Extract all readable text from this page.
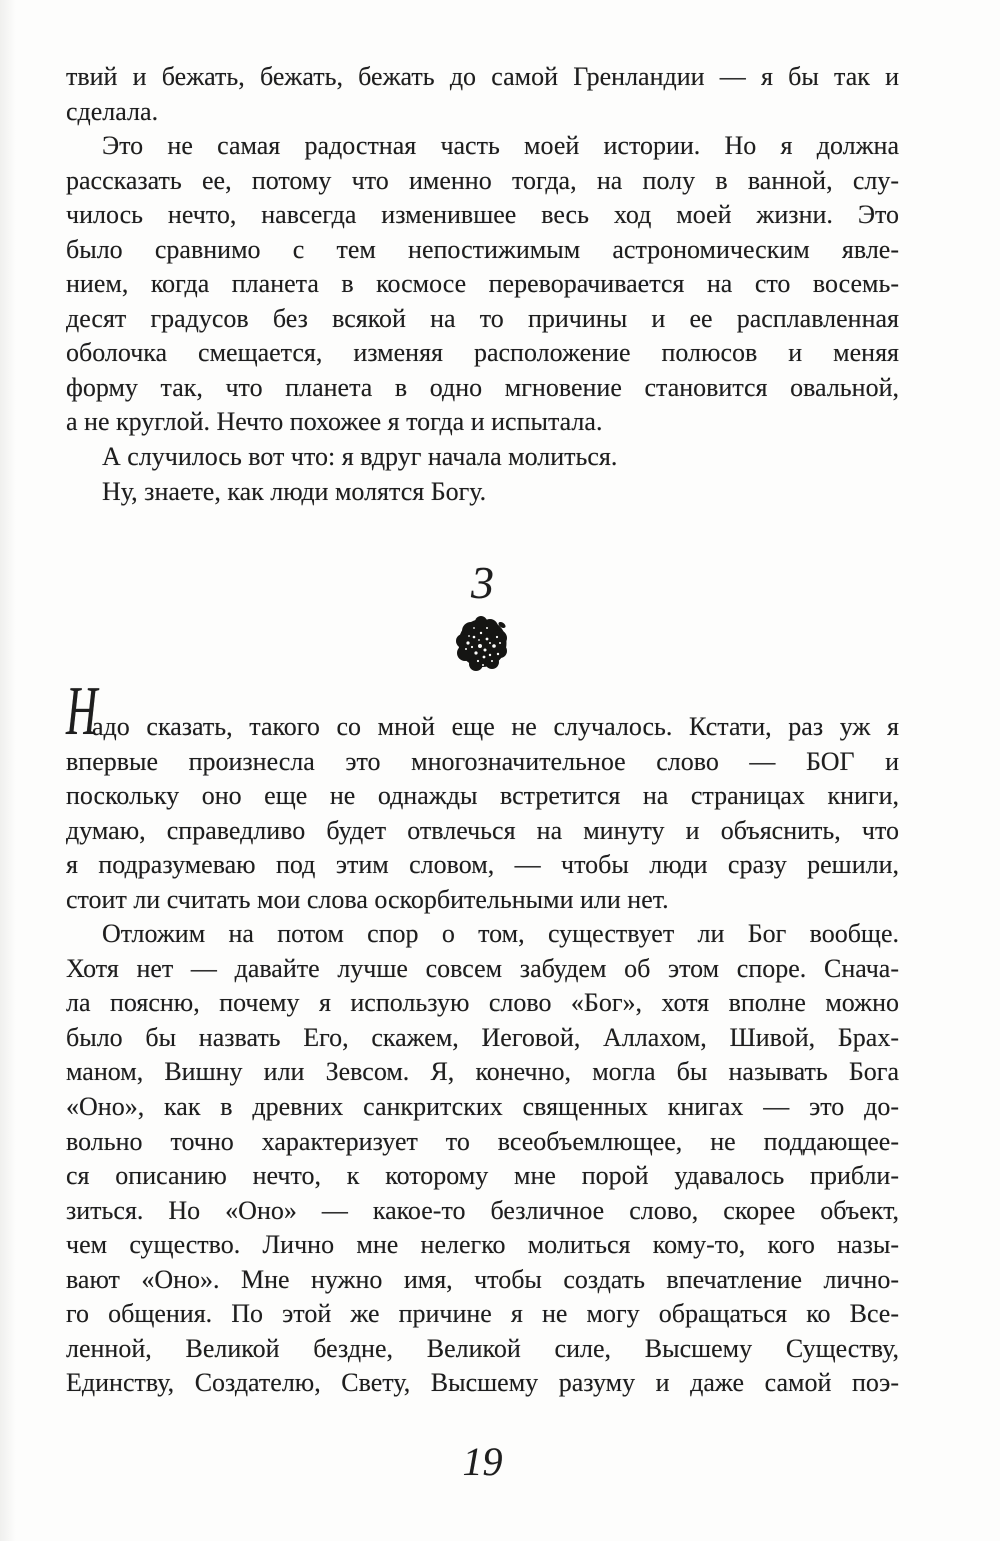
твий и бежать, бежать, бежать до самой Гренландии — я бы так и
сделала.
Это не самая радостная часть моей истории. Но я должна
рассказать ее, потому что именно тогда, на полу в ванной, слу-
чилось нечто, навсегда изменившее весь ход моей жизни. Это
было сравнимо с тем непостижимым астрономическим явле-
нием, когда планета в космосе переворачивается на сто восемь-
десят градусов без всякой на то причины и ее расплавленная
оболочка смещается, изменяя расположение полюсов и меняя
форму так, что планета в одно мгновение становится овальной,
а не круглой. Нечто похожее я тогда и испытала.
А случилось вот что: я вдруг начала молиться.
Ну, знаете, как люди молятся Богу.
3
Н
адо сказать, такого со мной еще не случалось. Кстати, раз уж я
впервые произнесла это многозначительное слово — БОГ и
поскольку оно еще не однажды встретится на страницах книги,
думаю, справедливо будет отвлечься на минуту и объяснить, что
я подразумеваю под этим словом, — чтобы люди сразу решили,
стоит ли считать мои слова оскорбительными или нет.
Отложим на потом спор о том, существует ли Бог вообще.
Хотя нет — давайте лучше совсем забудем об этом споре. Снача-
ла поясню, почему я использую слово «Бог», хотя вполне можно
было бы назвать Его, скажем, Иеговой, Аллахом, Шивой, Брах-
маном, Вишну или Зевсом. Я, конечно, могла бы называть Бога
«Оно», как в древних санкритских священных книгах — это до-
вольно точно характеризует то всеобъемлющее, не поддающее-
ся описанию нечто, к которому мне порой удавалось прибли-
зиться. Но «Оно» — какое-то безличное слово, скорее объект,
чем существо. Лично мне нелегко молиться кому-то, кого назы-
вают «Оно». Мне нужно имя, чтобы создать впечатление лично-
го общения. По этой же причине я не могу обращаться ко Все-
ленной, Великой бездне, Великой силе, Высшему Существу,
Единству, Создателю, Свету, Высшему разуму и даже самой поэ-
19
